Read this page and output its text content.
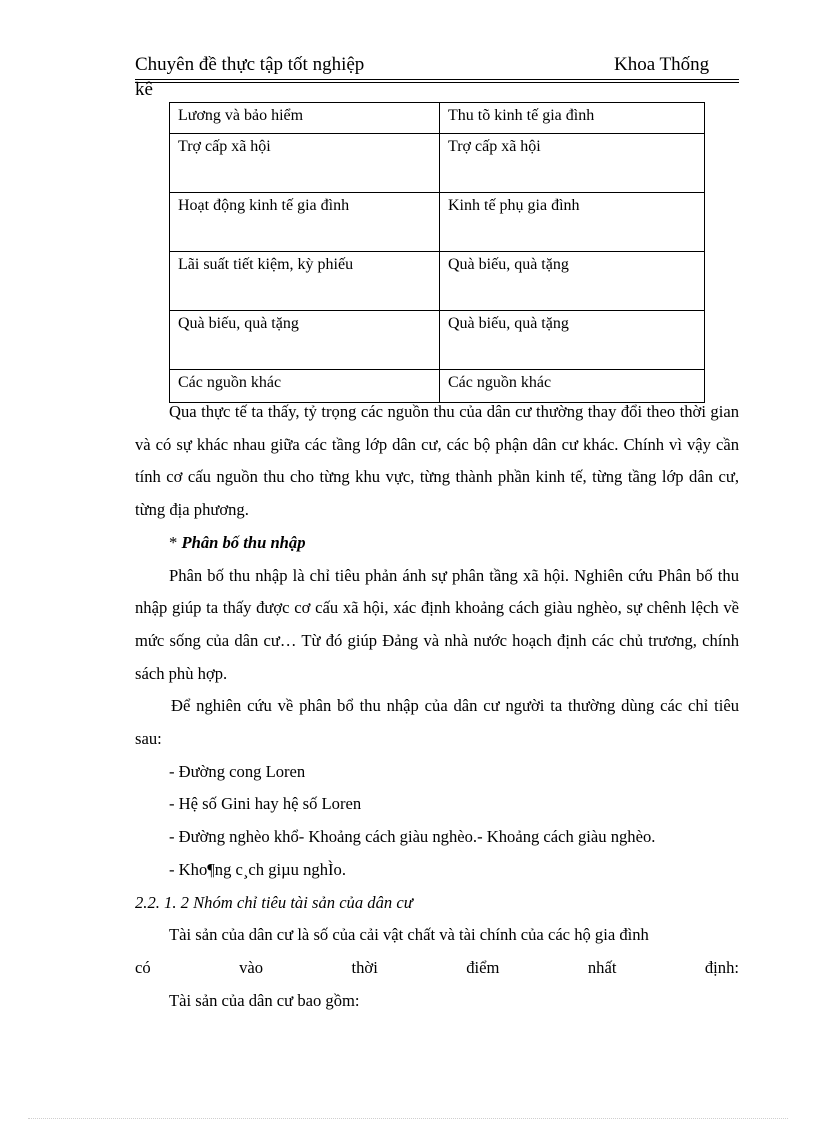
Chuyên đề thực tập tốt nghiệp	Khoa Thống
kê
Lương và bảo hiểm	Thu tõ kinh tế gia đình
Trợ cấp xã hội	Trợ cấp xã hội
Hoạt động kinh tế gia đình	Kinh tế phụ gia đình
Lãi suất tiết kiệm, kỳ phiếu	Quà biếu, quà tặng
Quà biếu, quà tặng	Quà biếu, quà tặng
Các nguồn khác	Các nguồn khác

Qua thực tế ta thấy, tỷ trọng các nguồn thu của dân cư thường thay đổi theo thời gian và có sự khác nhau giữa các tầng lớp dân cư, các bộ phận dân cư khác. Chính vì vậy cần tính cơ cấu nguồn thu cho từng khu vực, từng thành phần kinh tế, từng tầng lớp dân cư, từng địa phương.

* Phân bố thu nhập

Phân bố thu nhập là chỉ tiêu phản ánh sự phân tầng xã hội. Nghiên cứu Phân bố thu nhập giúp ta thấy được cơ cấu xã hội, xác định khoảng cách giàu nghèo, sự chênh lệch về mức sống của dân cư… Từ đó giúp Đảng và nhà nước hoạch định các chủ trương, chính sách phù hợp.

Để nghiên cứu về phân bổ thu nhập của dân cư người ta thường dùng các chỉ tiêu sau:

- Đường cong Loren

- Hệ số Gini hay hệ số Loren

- Đường nghèo khổ- Khoảng cách giàu nghèo.- Khoảng cách giàu nghèo.

- Kho¶ng c¸ch giµu nghÌo.

2.2. 1. 2 Nhóm chỉ tiêu tài sản của dân cư

Tài sản của dân cư là số của cải vật chất và tài chính của các hộ gia đình

có vào thời điểm nhất định:

Tài sản của dân cư bao gồm:
